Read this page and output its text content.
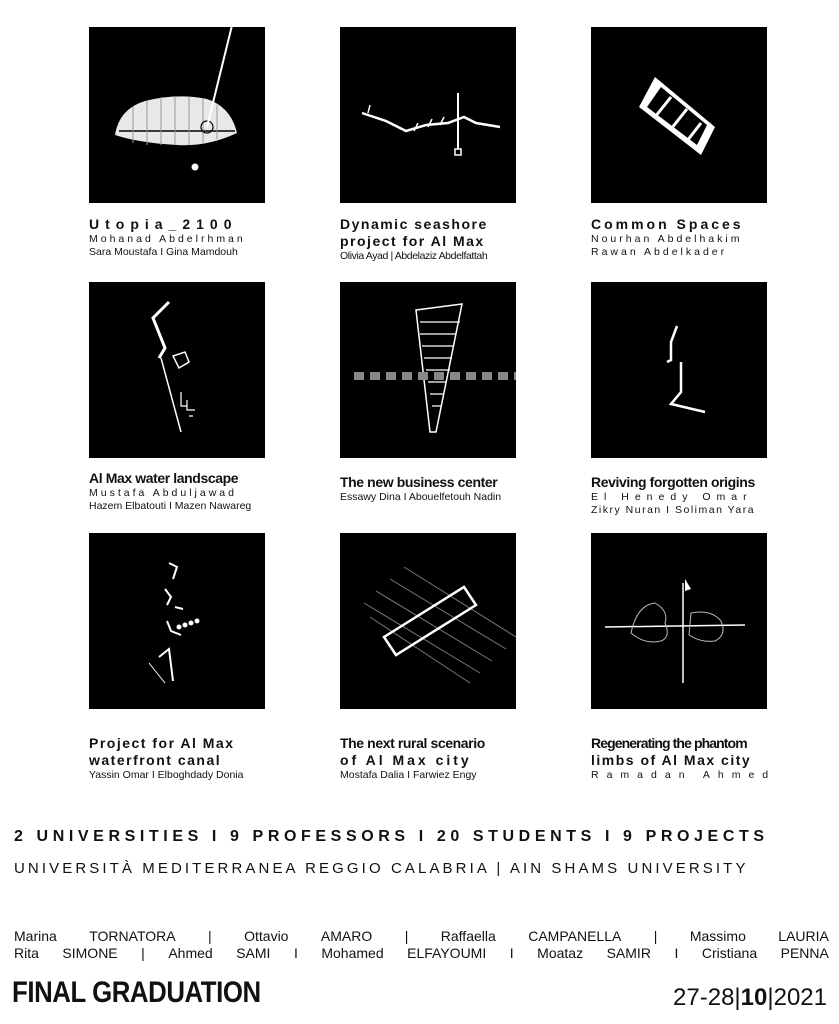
Utopia_2100
Mohanad Abdelrhman
Sara Moustafa I Gina Mamdouh
Dynamic seashore
project for Al Max
Olivia Ayad | Abdelaziz Abdelfattah
Common Spaces
Nourhan Abdelhakim
Rawan Abdelkader
Al Max water landscape
Mustafa Abduljawad
Hazem Elbatouti I Mazen Nawareg
The new business center
Essawy Dina I Abouelfetouh Nadin
Reviving forgotten origins
El Henedy Omar
Zikry Nuran I Soliman Yara
Project for Al Max
waterfront canal
Yassin Omar I Elboghdady Donia
The next rural scenario
of Al Max city
Mostafa Dalia I Farwiez Engy
Regenerating the phantom
limbs of Al Max city
Ramadan Ahmed
2 UNIVERSITIES I 9 PROFESSORS I 20 STUDENTS I 9 PROJECTS
UNIVERSITÀ MEDITERRANEA REGGIO CALABRIA | AIN SHAMS UNIVERSITY
Marina TORNATORA | Ottavio AMARO | Raffaella CAMPANELLA | Massimo LAURIA
Rita SIMONE | Ahmed SAMI I Mohamed ELFAYOUMI I Moataz SAMIR I Cristiana PENNA
FINAL GRADUATION	27-28|10|2021
